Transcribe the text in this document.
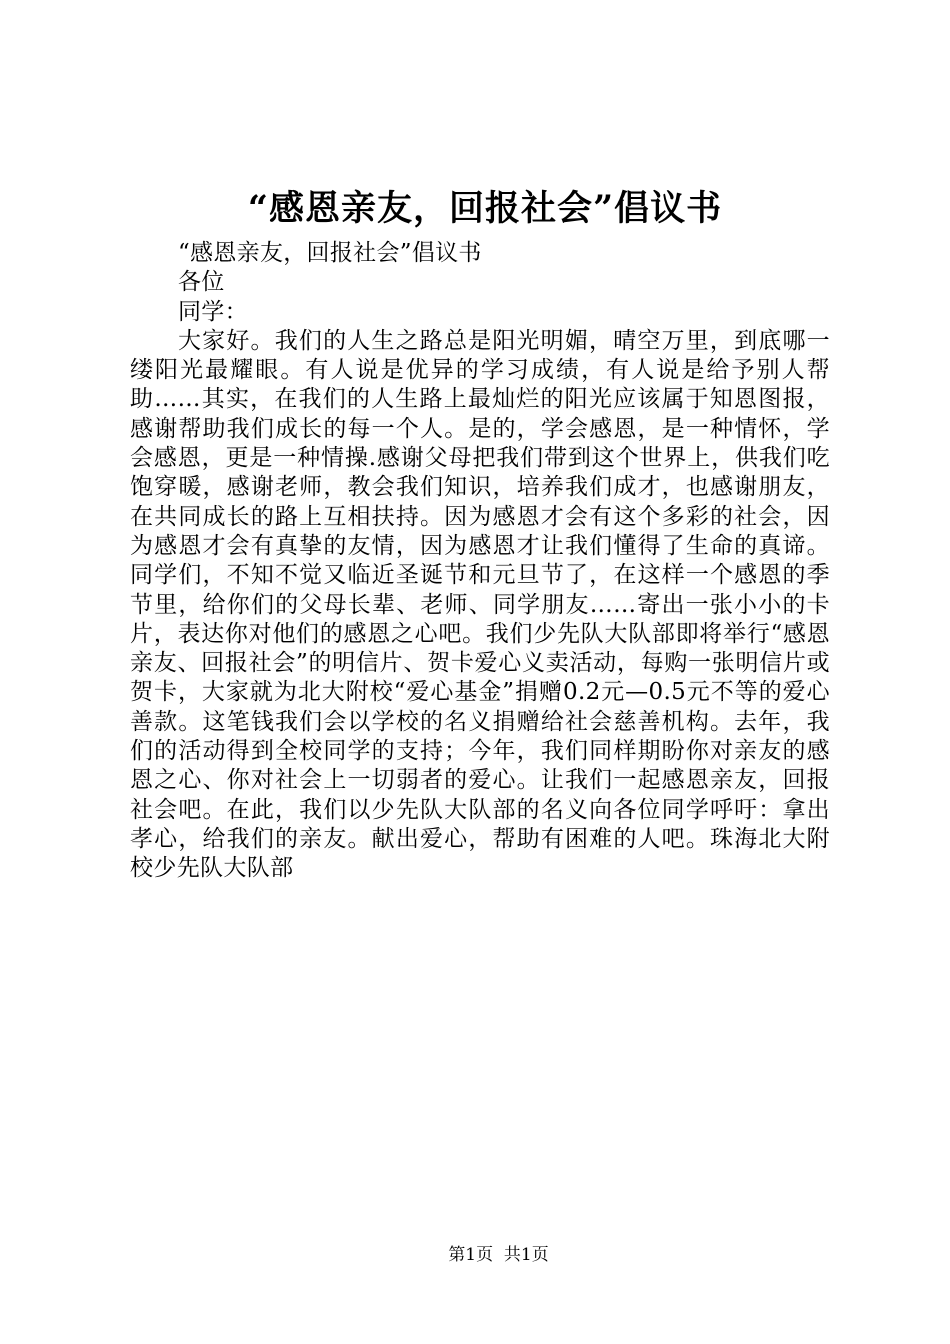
“感恩亲友，回报社会”倡议书

“感恩亲友，回报社会”倡议书

各位

同学：

大家好。我们的人生之路总是阳光明媚，晴空万里，到底哪一缕阳光最耀眼。有人说是优异的学习成绩，有人说是给予别人帮助……其实，在我们的人生路上最灿烂的阳光应该属于知恩图报，感谢帮助我们成长的每一个人。是的，学会感恩，是一种情怀，学会感恩，更是一种情操.感谢父母把我们带到这个世界上，供我们吃饱穿暖，感谢老师，教会我们知识，培养我们成才，也感谢朋友，在共同成长的路上互相扶持。因为感恩才会有这个多彩的社会，因为感恩才会有真挚的友情，因为感恩才让我们懂得了生命的真谛。同学们，不知不觉又临近圣诞节和元旦节了，在这样一个感恩的季节里，给你们的父母长辈、老师、同学朋友……寄出一张小小的卡片，表达你对他们的感恩之心吧。我们少先队大队部即将举行“感恩亲友、回报社会”的明信片、贺卡爱心义卖活动，每购一张明信片或贺卡，大家就为北大附校“爱心基金”捐赠0.2元—0.5元不等的爱心善款。这笔钱我们会以学校的名义捐赠给社会慈善机构。去年，我们的活动得到全校同学的支持；今年，我们同样期盼你对亲友的感恩之心、你对社会上一切弱者的爱心。让我们一起感恩亲友，回报社会吧。在此，我们以少先队大队部的名义向各位同学呼吁：拿出孝心，给我们的亲友。献出爱心，帮助有困难的人吧。珠海北大附校少先队大队部

第1页  共1页
